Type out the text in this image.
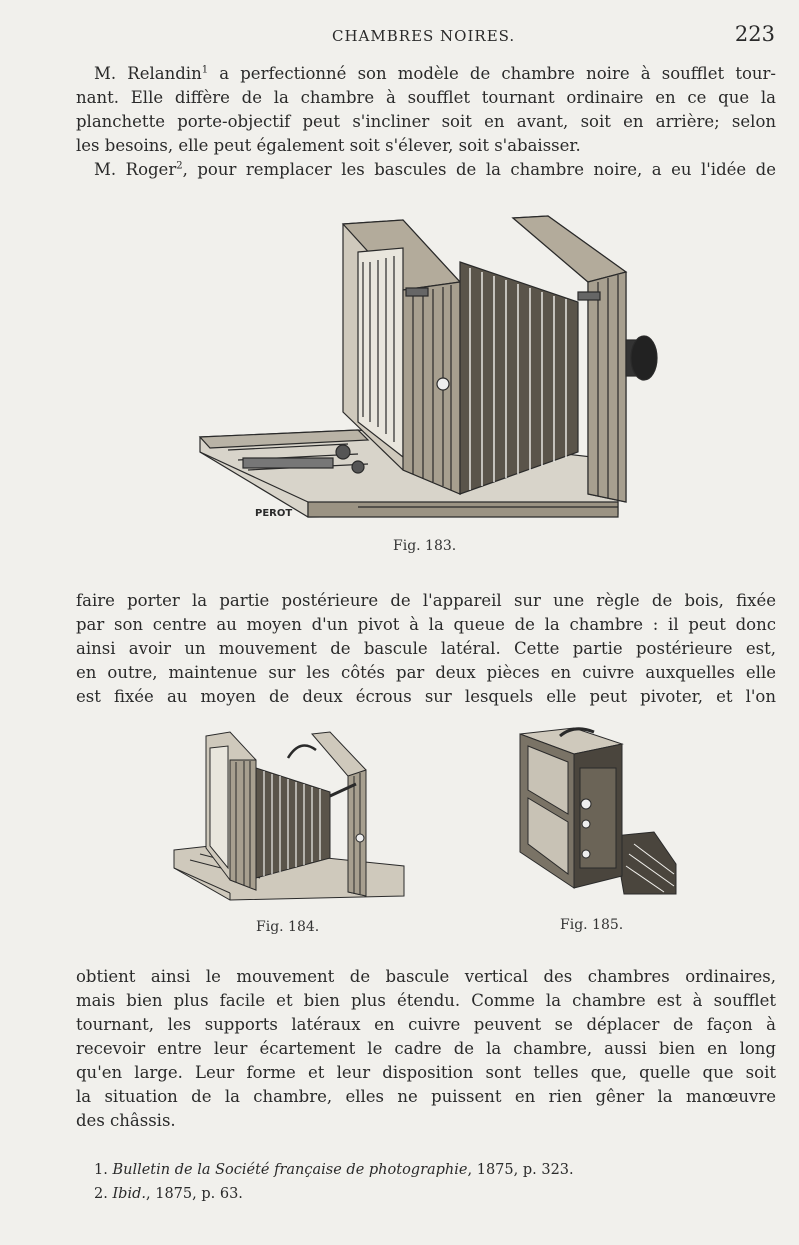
CHAMBRES NOIRES.	223
M. Relandin$^1$ a perfectionné son modèle de chambre noire à soufflet tour-
nant. Elle diffère de la chambre à soufflet tournant ordinaire en ce que la
planchette porte-objectif peut s'incliner soit en avant, soit en arrière; selon
les besoins, elle peut également soit s'élever, soit s'abaisser.
M. Roger$^2$, pour remplacer les bascules de la chambre noire, a eu l'idée de
PEROT
Fig. 183.
faire porter la partie postérieure de l'appareil sur une règle de bois, fixée
par son centre au moyen d'un pivot à la queue de la chambre : il peut donc
ainsi avoir un mouvement de bascule latéral. Cette partie postérieure est,
en outre, maintenue sur les côtés par deux pièces en cuivre auxquelles elle
est fixée au moyen de deux écrous sur lesquels elle peut pivoter, et l'on
Fig. 184.	Fig. 185.
obtient ainsi le mouvement de bascule vertical des chambres ordinaires,
mais bien plus facile et bien plus étendu. Comme la chambre est à soufflet
tournant, les supports latéraux en cuivre peuvent se déplacer de façon à
recevoir entre leur écartement le cadre de la chambre, aussi bien en long
qu'en large. Leur forme et leur disposition sont telles que, quelle que soit
la situation de la chambre, elles ne puissent en rien gêner la manœuvre
des châssis.
1. Bulletin de la Société française de photographie, 1875, p. 323.
2. Ibid., 1875, p. 63.
